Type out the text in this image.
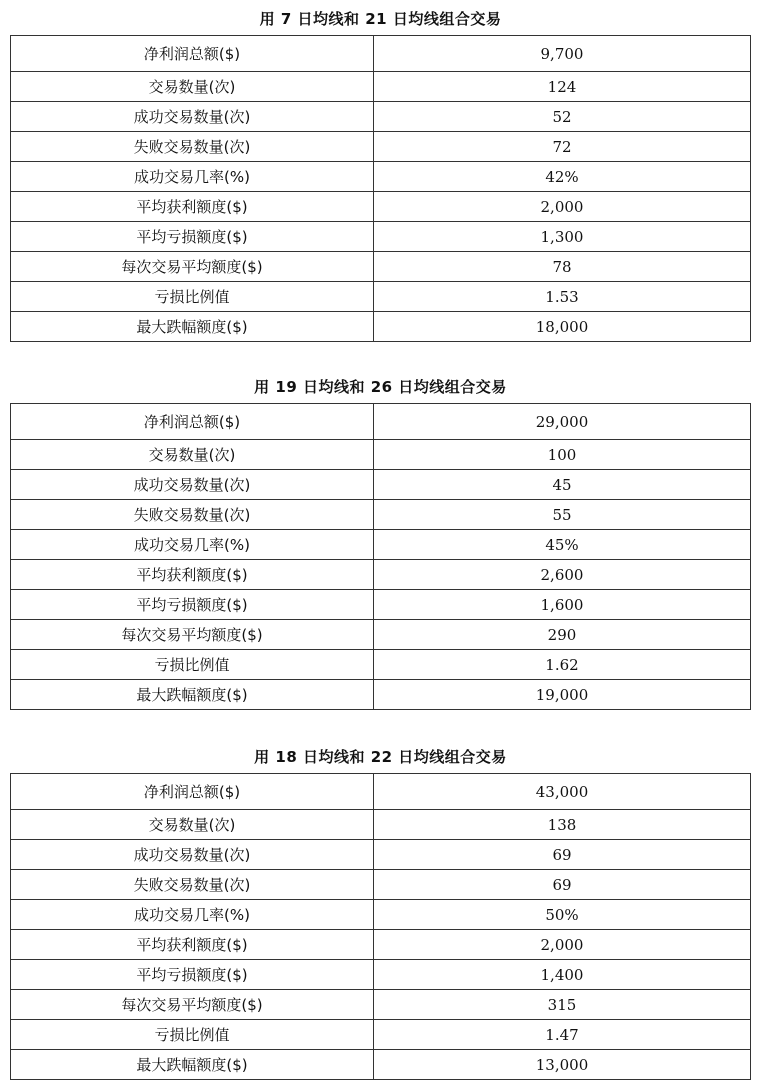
用 7 日均线和 21 日均线组合交易
净利润总额($)	9,700
交易数量(次)	124
成功交易数量(次)	52
失败交易数量(次)	72
成功交易几率(%)	42%
平均获利额度($)	2,000
平均亏损额度($)	1,300
每次交易平均额度($)	78
亏损比例值	1.53
最大跌幅额度($)	18,000
用 19 日均线和 26 日均线组合交易
净利润总额($)	29,000
交易数量(次)	100
成功交易数量(次)	45
失败交易数量(次)	55
成功交易几率(%)	45%
平均获利额度($)	2,600
平均亏损额度($)	1,600
每次交易平均额度($)	290
亏损比例值	1.62
最大跌幅额度($)	19,000
用 18 日均线和 22 日均线组合交易
净利润总额($)	43,000
交易数量(次)	138
成功交易数量(次)	69
失败交易数量(次)	69
成功交易几率(%)	50%
平均获利额度($)	2,000
平均亏损额度($)	1,400
每次交易平均额度($)	315
亏损比例值	1.47
最大跌幅额度($)	13,000
